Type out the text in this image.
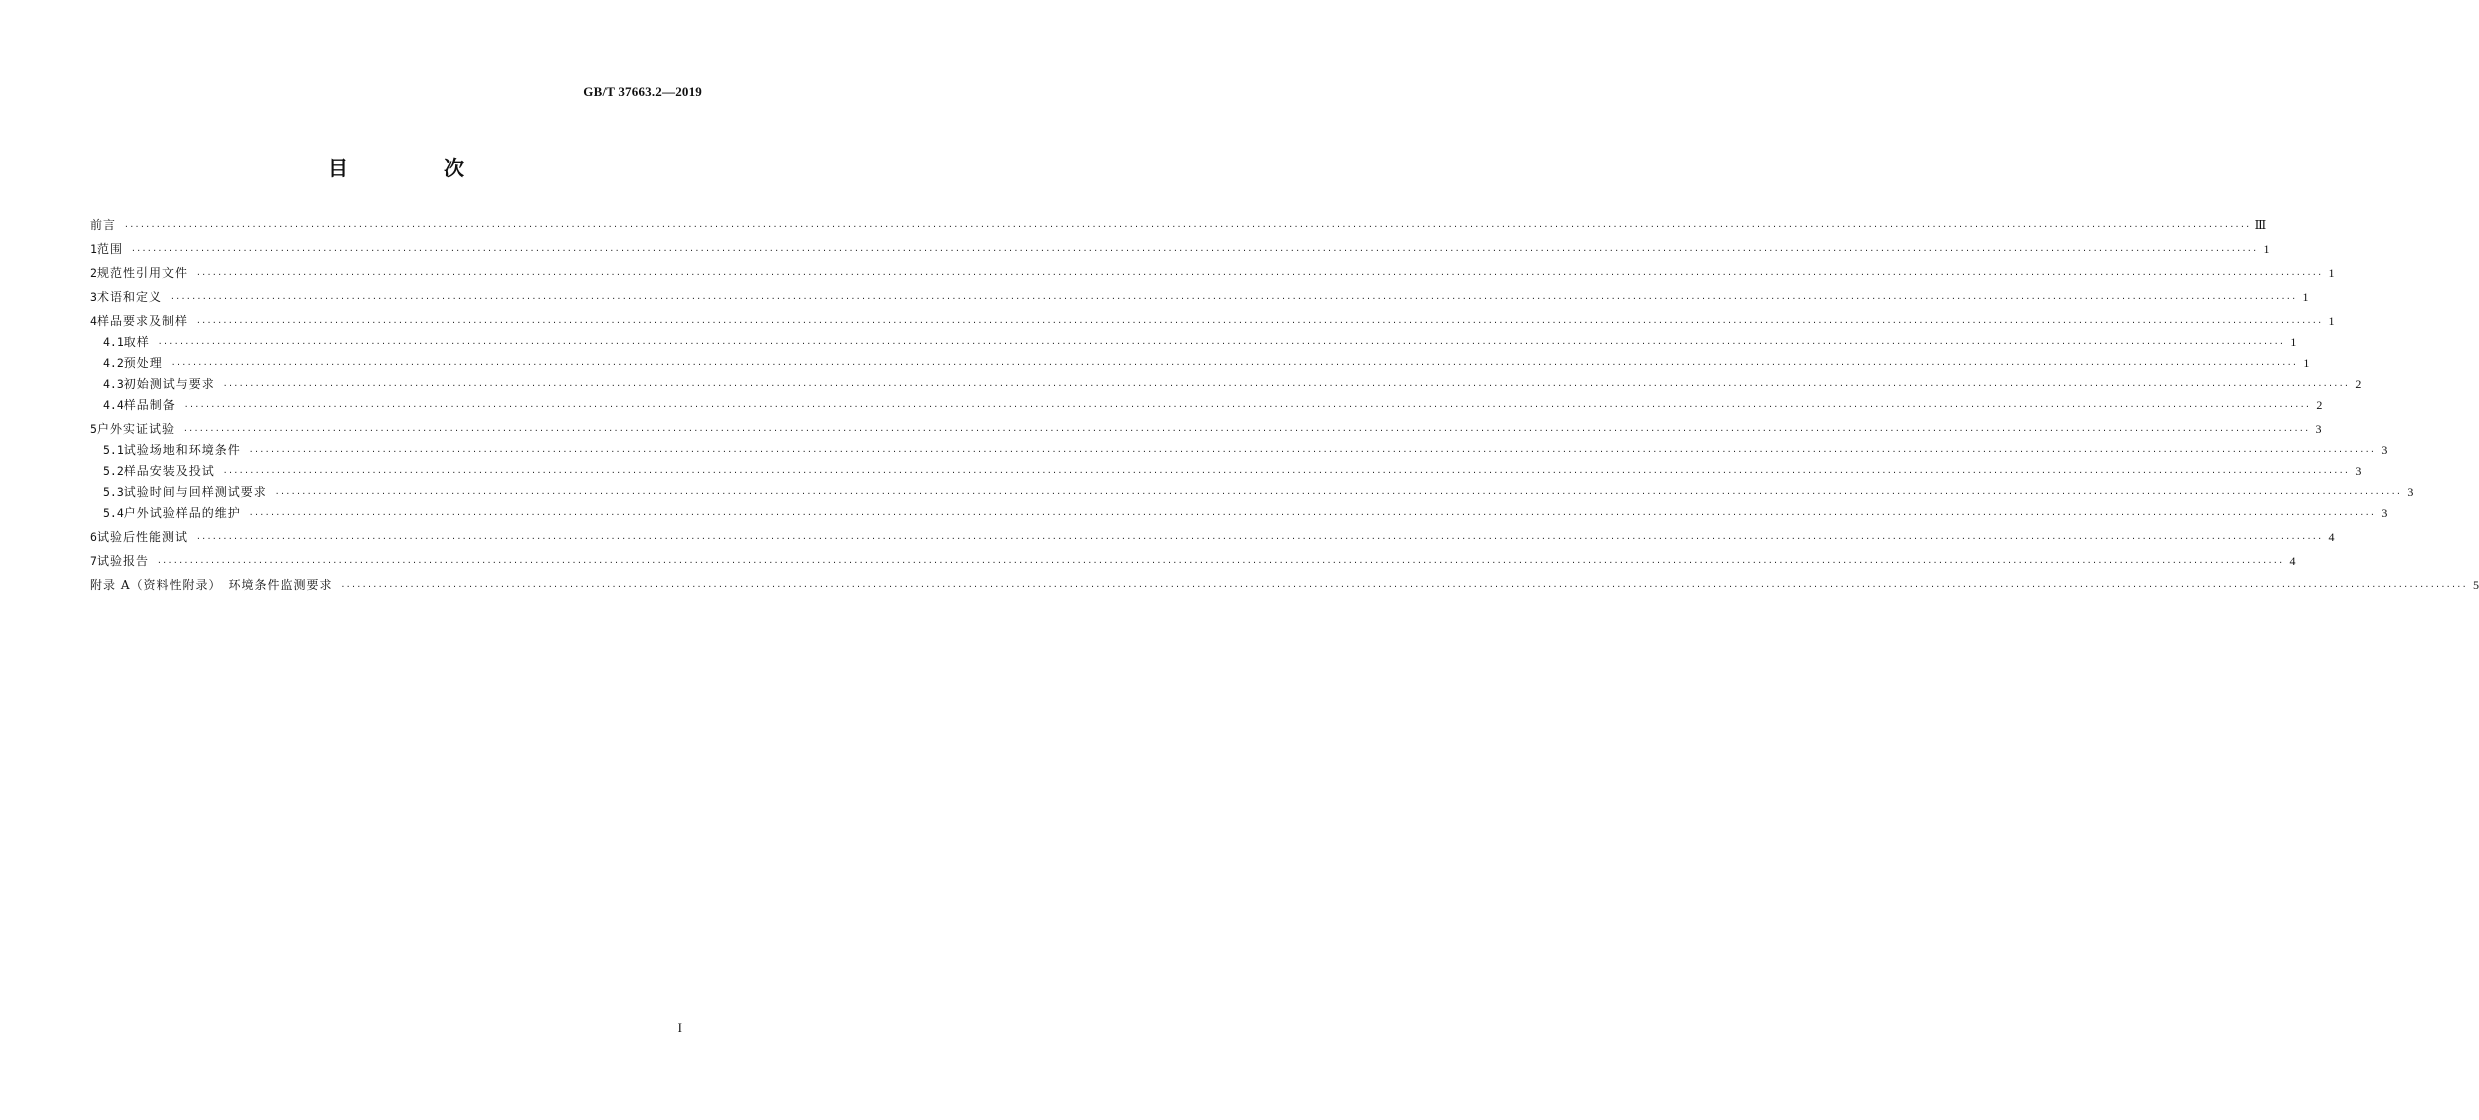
GB/T 37663.2—2019
目　次
前言 ................................................................................................................................................................................................................................................................................................................................................................................................................ Ⅲ
1 范围 ................................................................................................................................................................................................................................................................................................................................................................................................................ 1
2 规范性引用文件 ................................................................................................................................................................................................................................................................................................................................................................................................................ 1
3 术语和定义 ................................................................................................................................................................................................................................................................................................................................................................................................................ 1
4 样品要求及制样 ................................................................................................................................................................................................................................................................................................................................................................................................................ 1
4.1 取样 ................................................................................................................................................................................................................................................................................................................................................................................................................ 1
4.2 预处理 ................................................................................................................................................................................................................................................................................................................................................................................................................ 1
4.3 初始测试与要求 ................................................................................................................................................................................................................................................................................................................................................................................................................ 2
4.4 样品制备 ................................................................................................................................................................................................................................................................................................................................................................................................................ 2
5 户外实证试验 ................................................................................................................................................................................................................................................................................................................................................................................................................ 3
5.1 试验场地和环境条件 ................................................................................................................................................................................................................................................................................................................................................................................................................ 3
5.2 样品安装及投试 ................................................................................................................................................................................................................................................................................................................................................................................................................ 3
5.3 试验时间与回样测试要求 ................................................................................................................................................................................................................................................................................................................................................................................................................ 3
5.4 户外试验样品的维护 ................................................................................................................................................................................................................................................................................................................................................................................................................ 3
6 试验后性能测试 ................................................................................................................................................................................................................................................................................................................................................................................................................ 4
7 试验报告 ................................................................................................................................................................................................................................................................................................................................................................................................................ 4
附录 A（资料性附录）　环境条件监测要求 ................................................................................................................................................................................................................................................................................................................................................................................................................ 5
I
